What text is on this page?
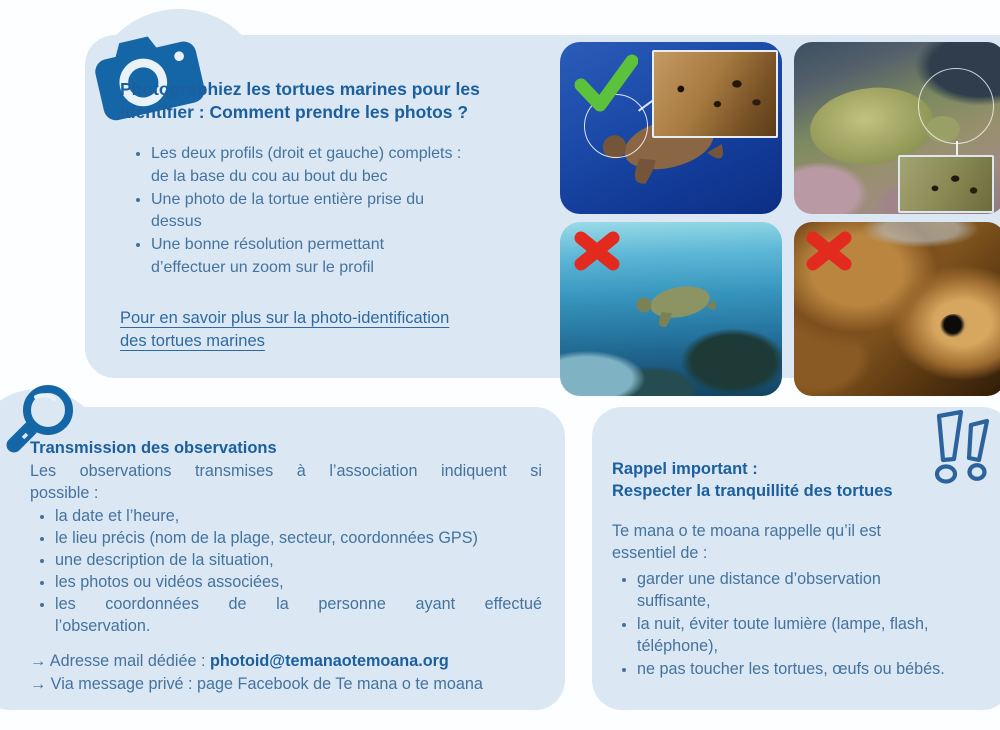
Photographiez les tortues marines pour les
identifier : Comment prendre les photos ?
• Les deux profils (droit et gauche) complets :
de la base du cou au bout du bec
• Une photo de la tortue entière prise du
dessus
• Une bonne résolution permettant
d’effectuer un zoom sur le profil
Pour en savoir plus sur la photo-identification
des tortues marines
Transmission des observations
Les observations transmises à l’association indiquent si
possible :
• la date et l’heure,
• le lieu précis (nom de la plage, secteur, coordonnées GPS)
• une description de la situation,
• les photos ou vidéos associées,
• les coordonnées de la personne ayant effectué
l’observation.
→ Adresse mail dédiée : photoid@temanaotemoana.org
→ Via message privé : page Facebook de Te mana o te moana
Rappel important :
Respecter la tranquillité des tortues
Te mana o te moana rappelle qu’il est
essentiel de :
• garder une distance d’observation
suffisante,
• la nuit, éviter toute lumière (lampe, flash,
téléphone),
• ne pas toucher les tortues, œufs ou bébés.
